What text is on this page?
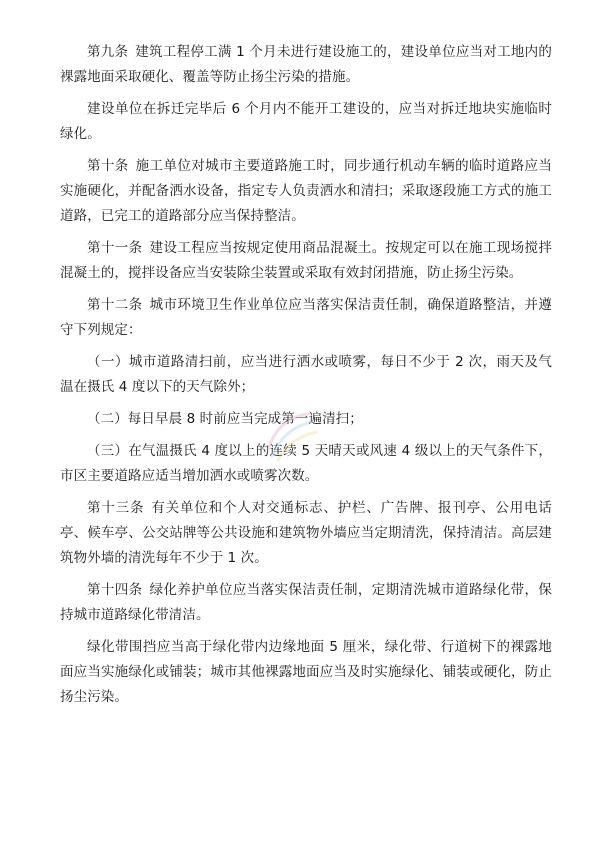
第九条 建筑工程停工满 1 个月未进行建设施工的，建设单位应当对工地内的裸露地面采取硬化、覆盖等防止扬尘污染的措施。

建设单位在拆迁完毕后 6 个月内不能开工建设的，应当对拆迁地块实施临时绿化。

第十条 施工单位对城市主要道路施工时，同步通行机动车辆的临时道路应当实施硬化，并配备洒水设备，指定专人负责洒水和清扫；采取逐段施工方式的施工道路，已完工的道路部分应当保持整洁。

第十一条 建设工程应当按规定使用商品混凝土。按规定可以在施工现场搅拌混凝土的，搅拌设备应当安装除尘装置或采取有效封闭措施，防止扬尘污染。

第十二条 城市环境卫生作业单位应当落实保洁责任制，确保道路整洁，并遵守下列规定：

（一）城市道路清扫前，应当进行洒水或喷雾，每日不少于 2 次，雨天及气温在摄氏 4 度以下的天气除外；

（二）每日早晨 8 时前应当完成第一遍清扫；

（三）在气温摄氏 4 度以上的连续 5 天晴天或风速 4 级以上的天气条件下，市区主要道路应适当增加洒水或喷雾次数。

第十三条 有关单位和个人对交通标志、护栏、广告牌、报刊亭、公用电话亭、候车亭、公交站牌等公共设施和建筑物外墙应当定期清洗，保持清洁。高层建筑物外墙的清洗每年不少于 1 次。

第十四条 绿化养护单位应当落实保洁责任制，定期清洗城市道路绿化带，保持城市道路绿化带清洁。

绿化带围挡应当高于绿化带内边缘地面 5 厘米，绿化带、行道树下的裸露地面应当实施绿化或铺装；城市其他裸露地面应当及时实施绿化、铺装或硬化，防止扬尘污染。
